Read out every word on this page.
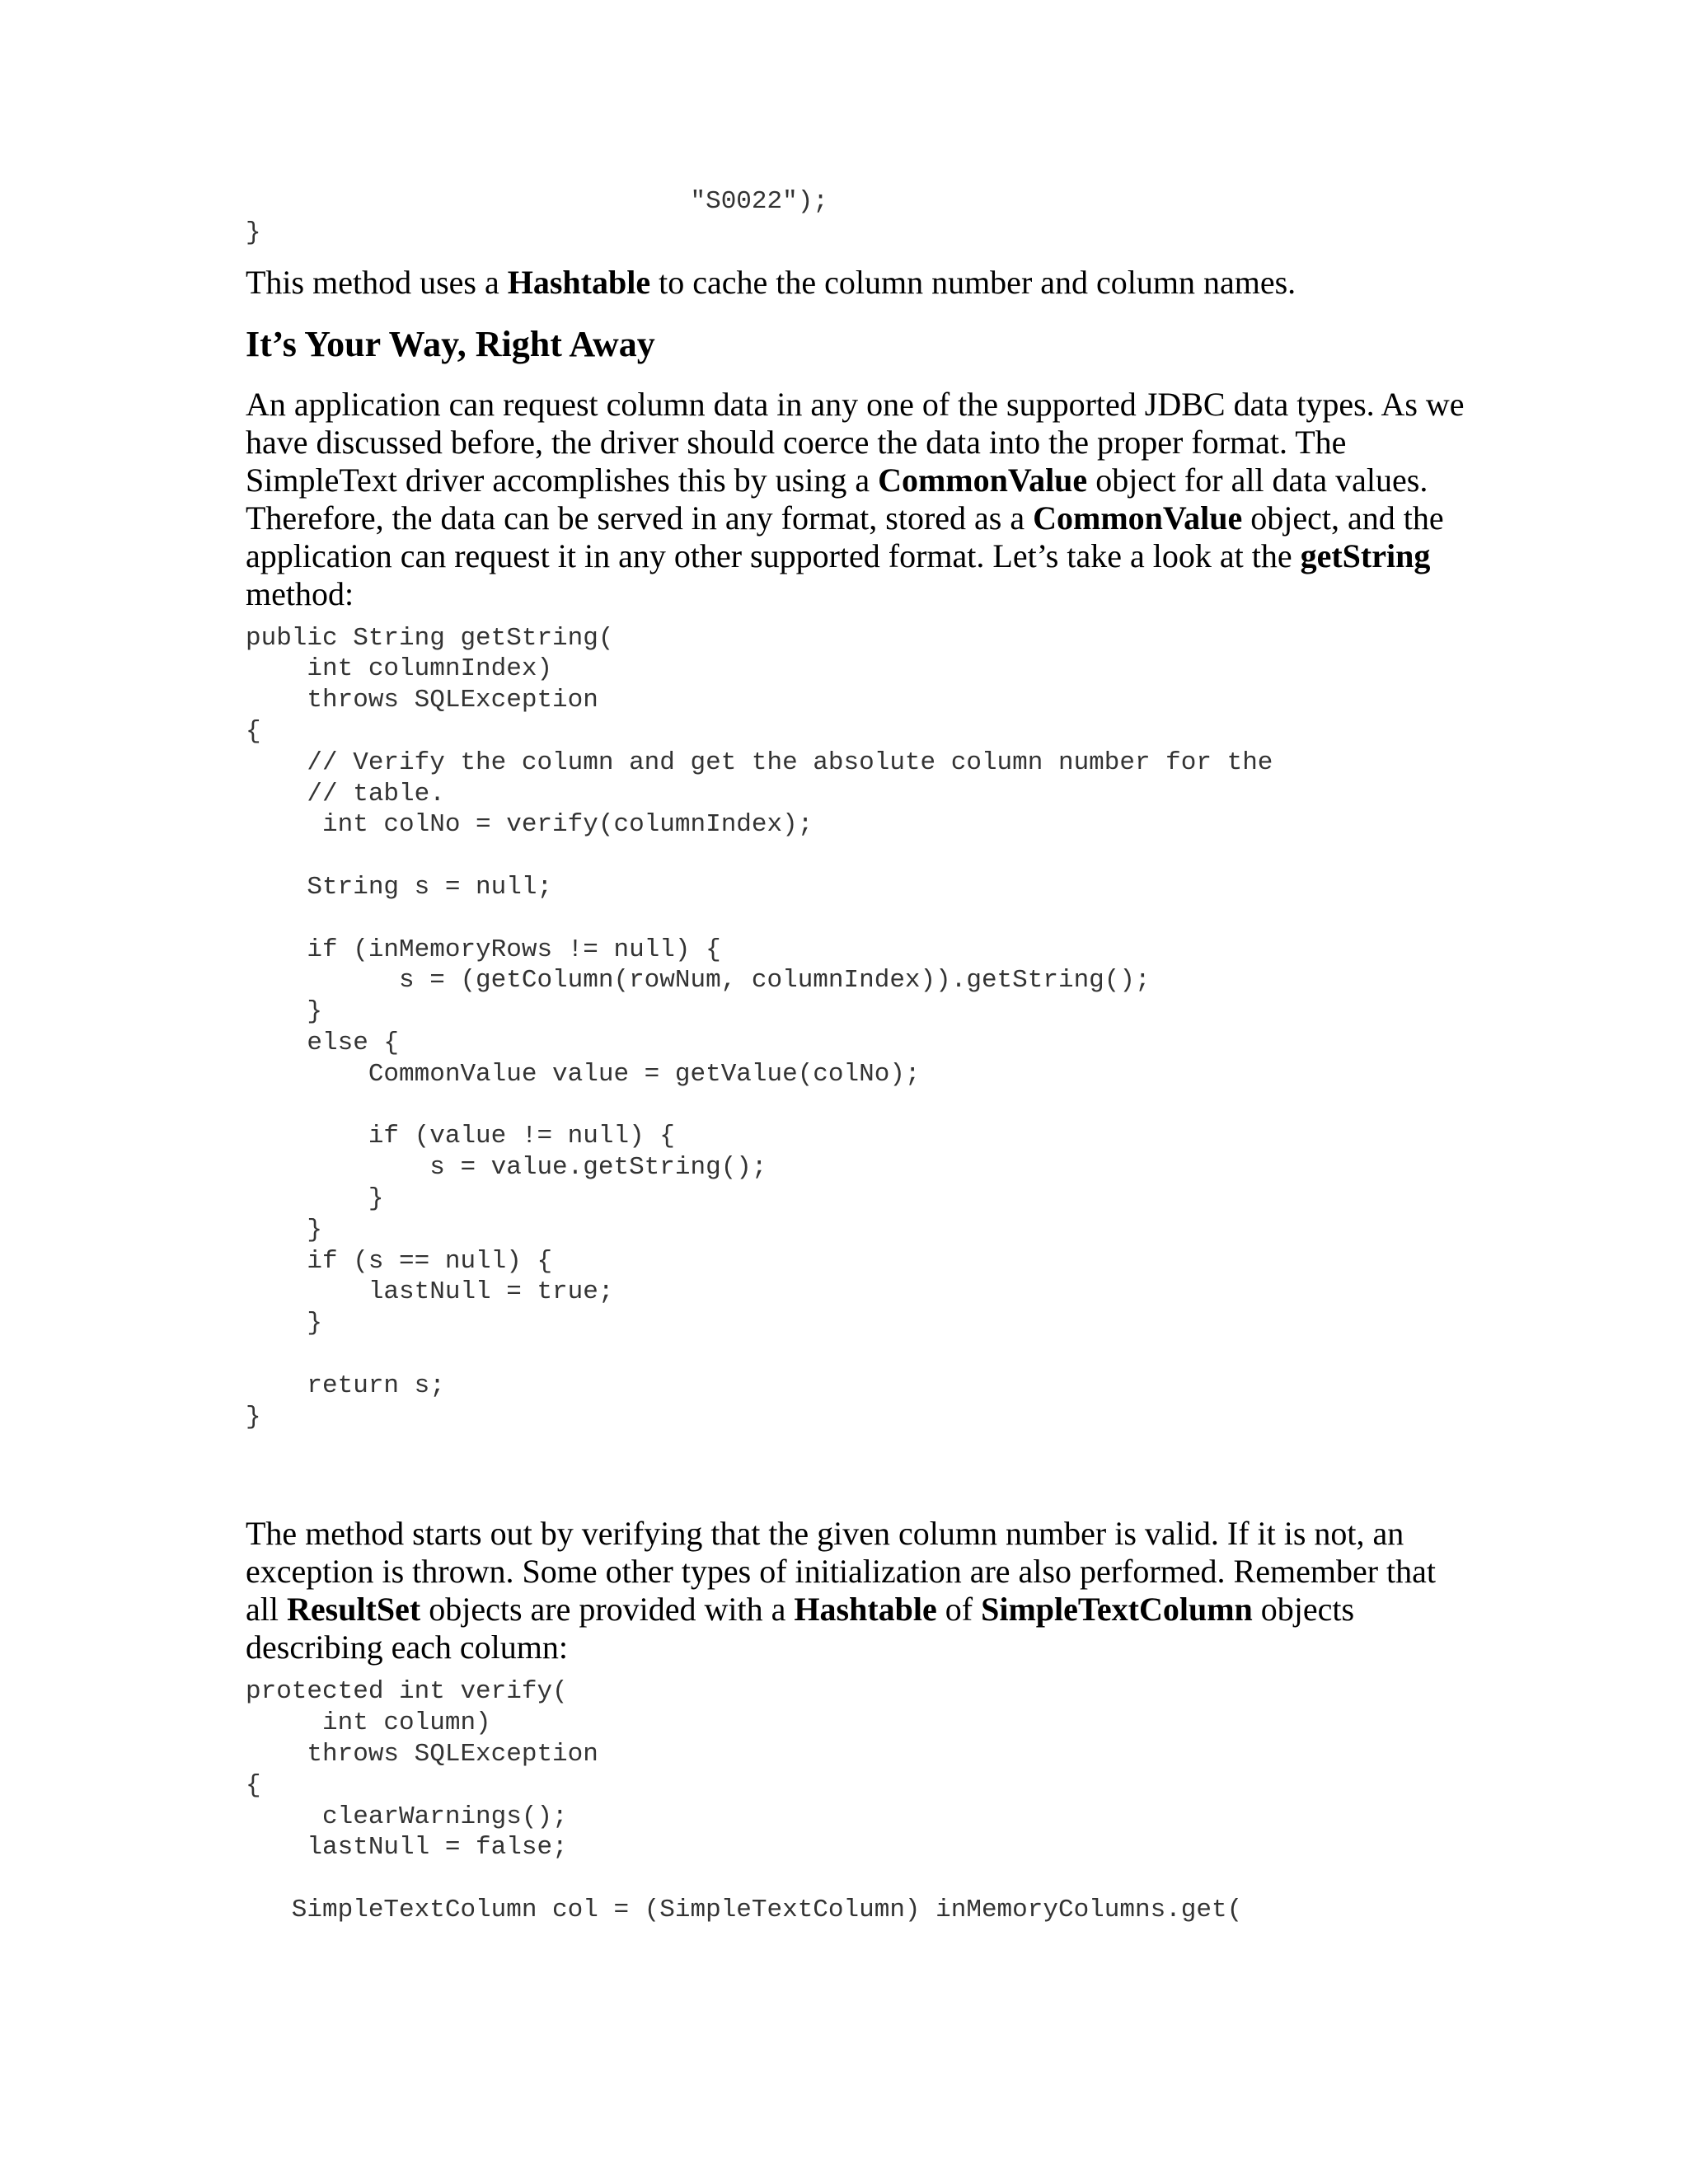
"S0022");
}

This method uses a Hashtable to cache the column number and column names.

It’s Your Way, Right Away

An application can request column data in any one of the supported JDBC data types. As we have discussed before, the driver should coerce the data into the proper format. The SimpleText driver accomplishes this by using a CommonValue object for all data values. Therefore, the data can be served in any format, stored as a CommonValue object, and the application can request it in any other supported format. Let’s take a look at the getString method:

public String getString(
int columnIndex)
throws SQLException
{
// Verify the column and get the absolute column number for the
// table.
int colNo = verify(columnIndex);

String s = null;

if (inMemoryRows != null) {
s = (getColumn(rowNum, columnIndex)).getString();
}
else {
CommonValue value = getValue(colNo);

if (value != null) {
s = value.getString();
}
}
if (s == null) {
lastNull = true;
}

return s;
}

The method starts out by verifying that the given column number is valid. If it is not, an exception is thrown. Some other types of initialization are also performed. Remember that all ResultSet objects are provided with a Hashtable of SimpleTextColumn objects describing each column:

protected int verify(
int column)
throws SQLException
{
clearWarnings();
lastNull = false;

SimpleTextColumn col = (SimpleTextColumn) inMemoryColumns.get(
